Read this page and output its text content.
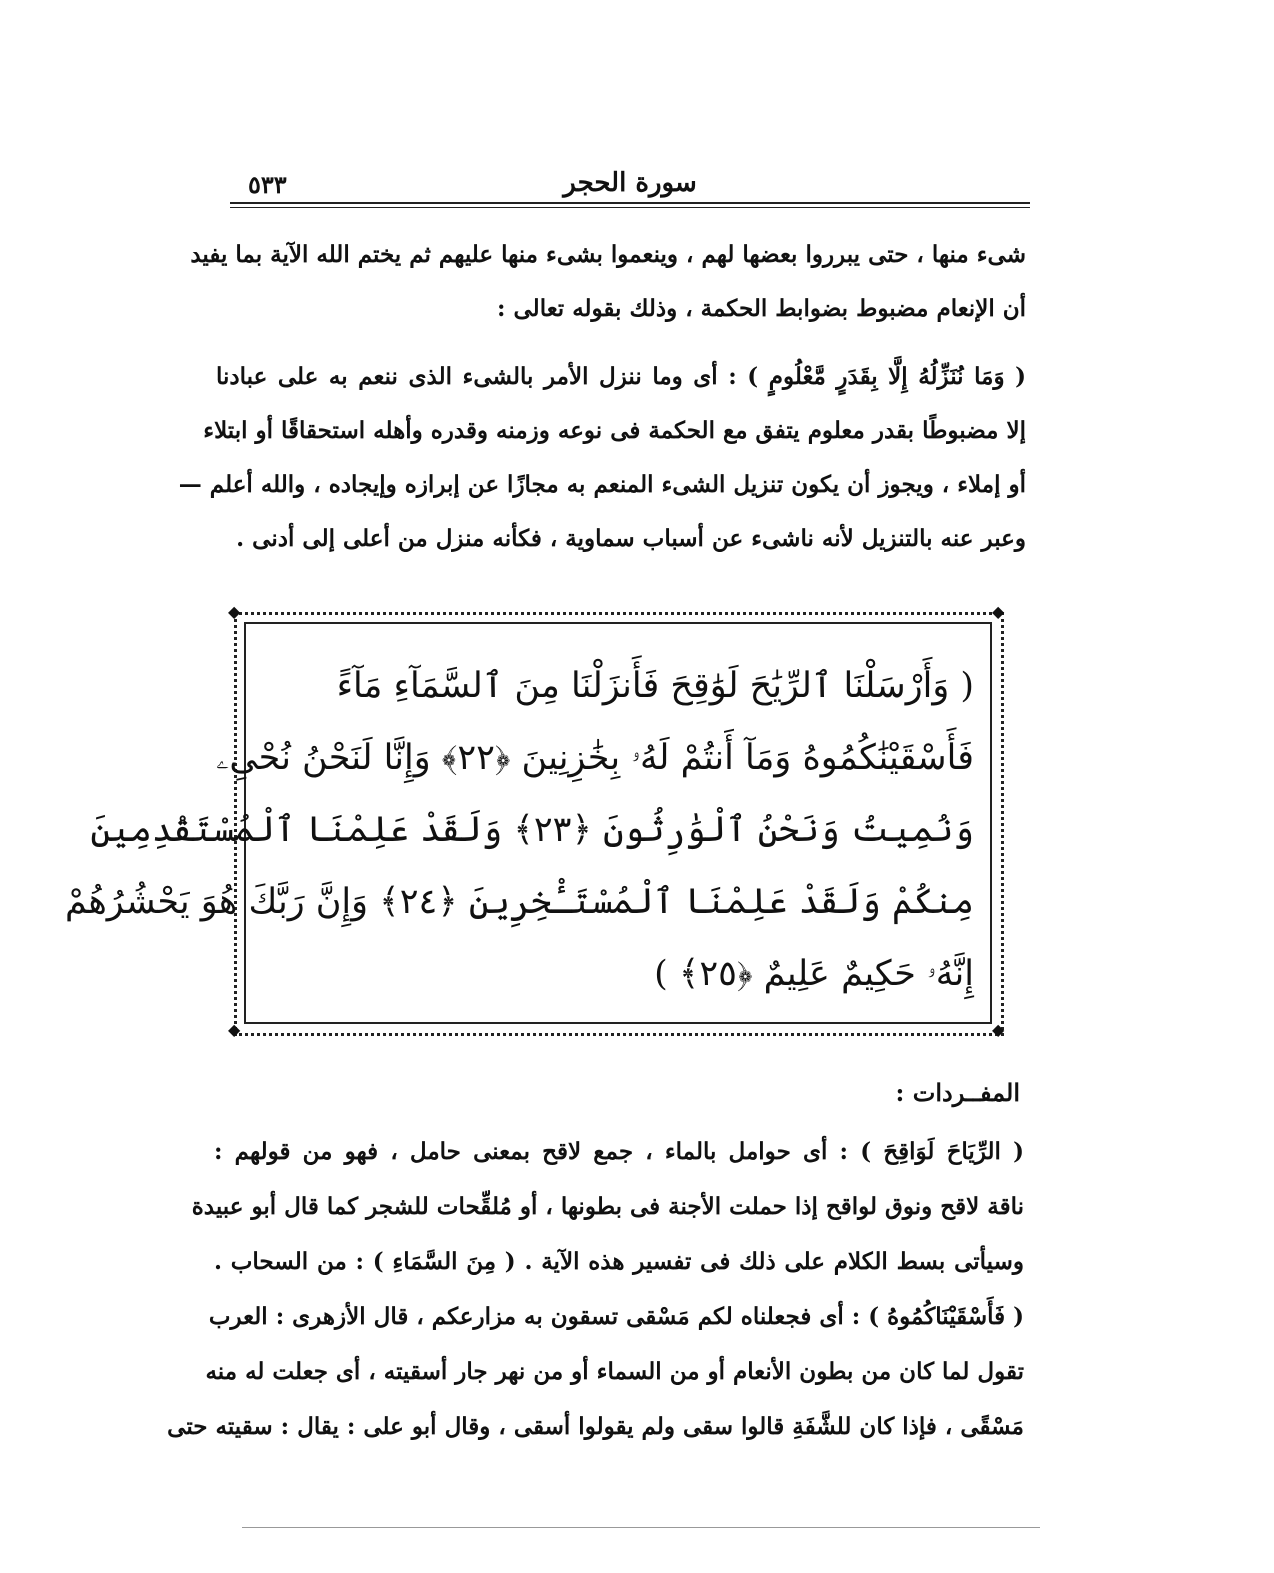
سورة الحجر
٥٣٣
شىء منها ، حتى يبرروا بعضها لهم ، وينعموا بشىء منها عليهم ثم يختم الله الآية بما يفيد
أن الإنعام مضبوط بضوابط الحكمة ، وذلك بقوله تعالى :
( وَمَا نُنَزِّلُهُ إِلَّا بِقَدَرٍ مَّعْلُومٍ ) : أى وما ننزل الأمر بالشىء الذى ننعم به على عبادنا
إلا مضبوطًا بقدر معلوم يتفق مع الحكمة فى نوعه وزمنه وقدره وأهله استحقاقًا أو ابتلاء
أو إملاء ، ويجوز أن يكون تنزيل الشىء المنعم به مجازًا عن إبرازه وإيجاده ، والله أعلم —
وعبر عنه بالتنزيل لأنه ناشىء عن أسباب سماوية ، فكأنه منزل من أعلى إلى أدنى .
◆	◆
◆	◆
( وَأَرْسَلْنَا ٱلرِّيَٰحَ لَوَٰقِحَ فَأَنزَلْنَا مِنَ ٱلسَّمَآءِ مَآءً
فَأَسْقَيْنَٰكُمُوهُ وَمَآ أَنتُمْ لَهُۥ بِخَٰزِنِينَ ﴿٢٢﴾ وَإِنَّا لَنَحْنُ نُحْىِۦ
وَنُمِيتُ وَنَحْنُ ٱلْوَٰرِثُونَ ﴿٢٣﴾ وَلَقَدْ عَلِمْنَا ٱلْمُسْتَقْدِمِينَ
مِنكُمْ وَلَقَدْ عَلِمْنَا ٱلْمُسْتَـْٔخِرِينَ ﴿٢٤﴾ وَإِنَّ رَبَّكَ هُوَ يَحْشُرُهُمْ
إِنَّهُۥ حَكِيمٌ عَلِيمٌ ﴿٢٥﴾ )
المفــردات :
( الرِّيَاحَ لَوَاقِحَ ) : أى حوامل بالماء ، جمع لاقح بمعنى حامل ، فهو من قولهم :
ناقة لاقح ونوق لواقح إذا حملت الأجنة فى بطونها ، أو مُلقِّحات للشجر كما قال أبو عبيدة
وسيأتى بسط الكلام على ذلك فى تفسير هذه الآية . ( مِنَ السَّمَاءِ ) : من السحاب .
( فَأَسْقَيْنَاكُمُوهُ ) : أى فجعلناه لكم مَسْقى تسقون به مزارعكم ، قال الأزهرى : العرب
تقول لما كان من بطون الأنعام أو من السماء أو من نهر جار أسقيته ، أى جعلت له منه
مَسْقًى ، فإذا كان للشَّفَةِ قالوا سقى ولم يقولوا أسقى ، وقال أبو على : يقال : سقيته حتى
